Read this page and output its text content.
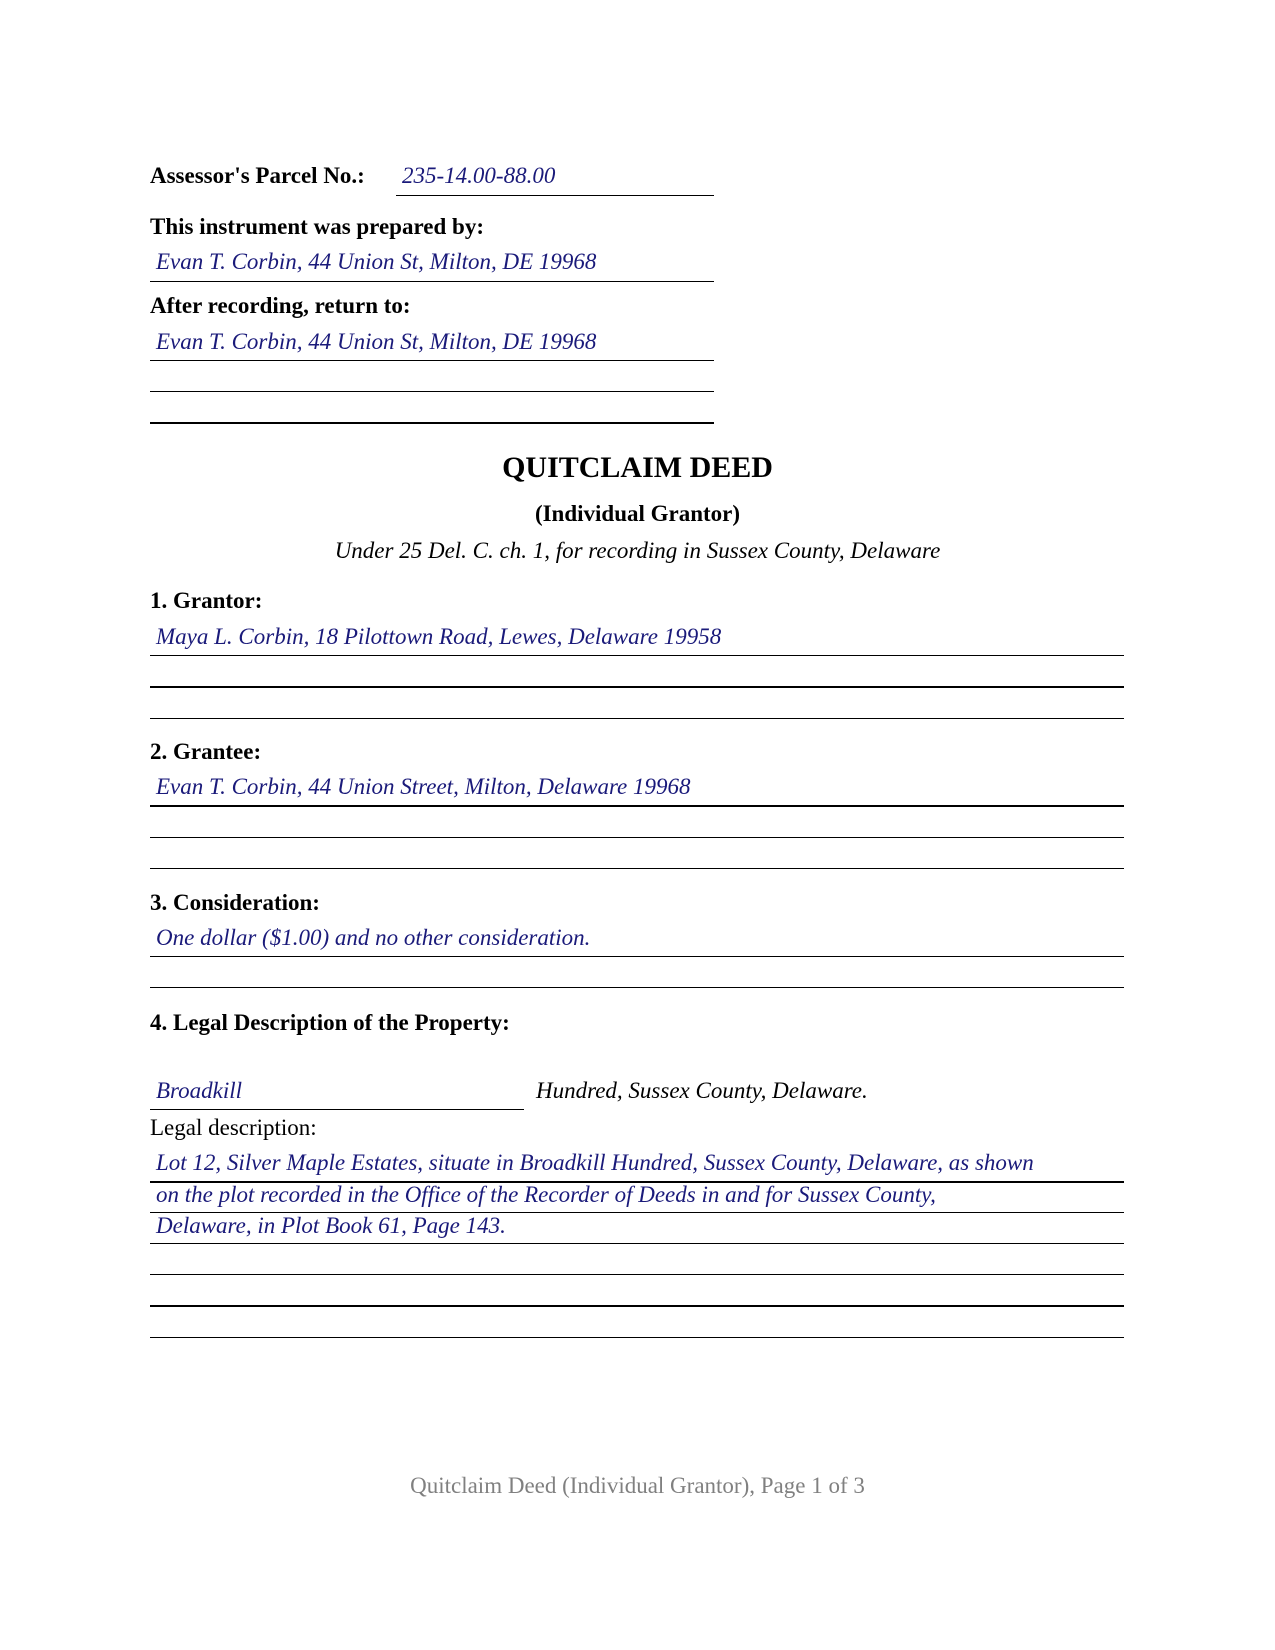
Assessor's Parcel No.: 235-14.00-88.00
This instrument was prepared by:
Evan T. Corbin, 44 Union St, Milton, DE 19968
After recording, return to:
Evan T. Corbin, 44 Union St, Milton, DE 19968
QUITCLAIM DEED
(Individual Grantor)
Under 25 Del. C. ch. 1, for recording in Sussex County, Delaware
1. Grantor:
Maya L. Corbin, 18 Pilottown Road, Lewes, Delaware 19958
2. Grantee:
Evan T. Corbin, 44 Union Street, Milton, Delaware 19968
3. Consideration:
One dollar ($1.00) and no other consideration.
4. Legal Description of the Property:
Broadkill	Hundred, Sussex County, Delaware.
Legal description:
Lot 12, Silver Maple Estates, situate in Broadkill Hundred, Sussex County, Delaware, as shown
on the plot recorded in the Office of the Recorder of Deeds in and for Sussex County,
Delaware, in Plot Book 61, Page 143.
Quitclaim Deed (Individual Grantor), Page 1 of 3
